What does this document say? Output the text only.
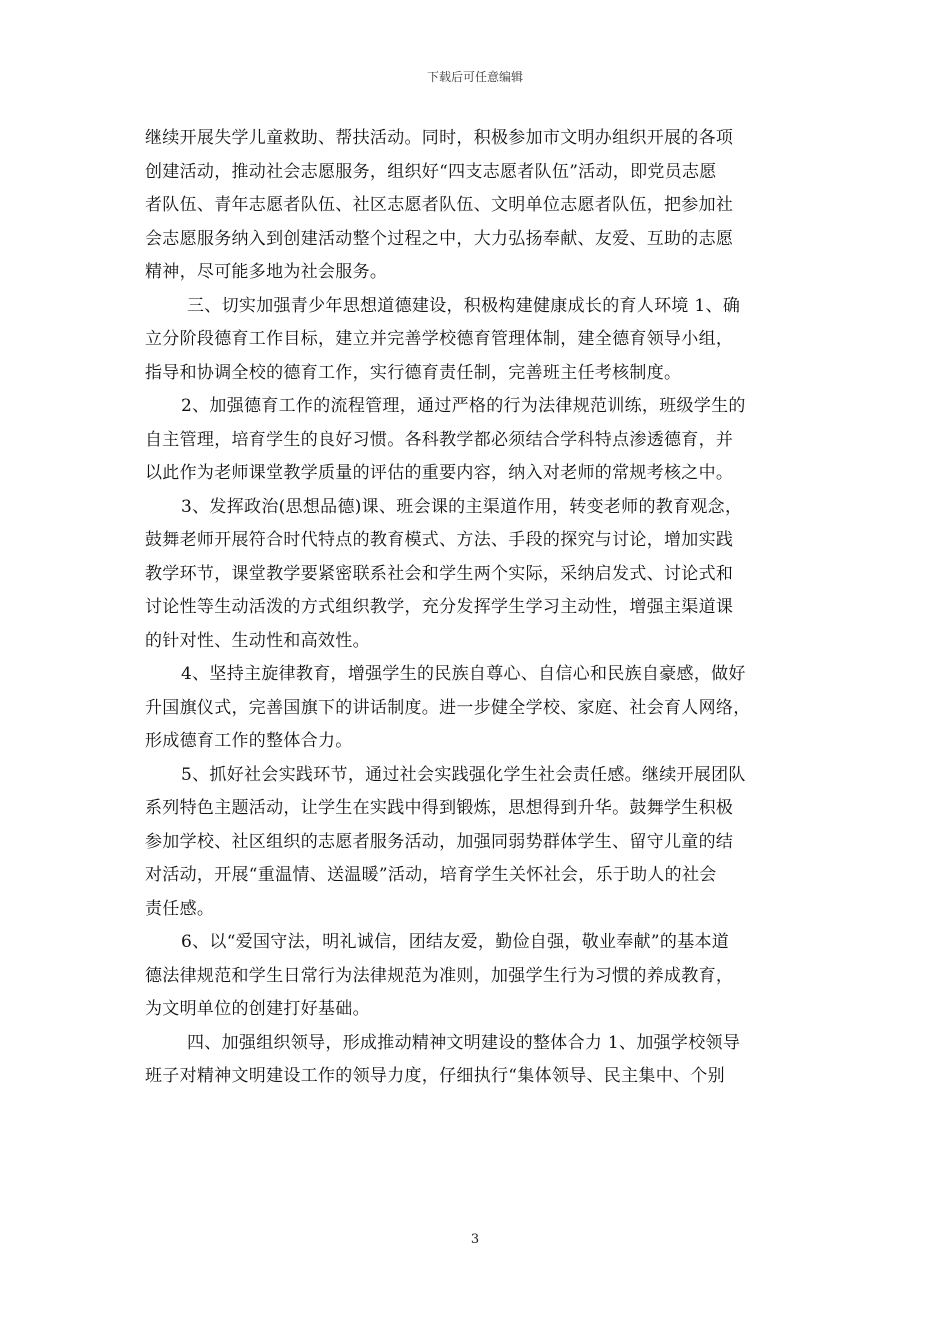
下载后可任意编辑

继续开展失学儿童救助、帮扶活动。同时，积极参加市文明办组织开展的各项
创建活动，推动社会志愿服务，组织好“四支志愿者队伍”活动，即党员志愿
者队伍、青年志愿者队伍、社区志愿者队伍、文明单位志愿者队伍，把参加社
会志愿服务纳入到创建活动整个过程之中，大力弘扬奉献、友爱、互助的志愿
精神，尽可能多地为社会服务。

三、切实加强青少年思想道德建设，积极构建健康成长的育人环境 1、确
立分阶段德育工作目标，建立并完善学校德育管理体制，建全德育领导小组，
指导和协调全校的德育工作，实行德育责任制，完善班主任考核制度。

2、加强德育工作的流程管理，通过严格的行为法律规范训练，班级学生的
自主管理，培育学生的良好习惯。各科教学都必须结合学科特点渗透德育，并
以此作为老师课堂教学质量的评估的重要内容，纳入对老师的常规考核之中。

3、发挥政治(思想品德)课、班会课的主渠道作用，转变老师的教育观念，
鼓舞老师开展符合时代特点的教育模式、方法、手段的探究与讨论，增加实践
教学环节，课堂教学要紧密联系社会和学生两个实际，采纳启发式、讨论式和
讨论性等生动活泼的方式组织教学，充分发挥学生学习主动性，增强主渠道课
的针对性、生动性和高效性。

4、坚持主旋律教育，增强学生的民族自尊心、自信心和民族自豪感，做好
升国旗仪式，完善国旗下的讲话制度。进一步健全学校、家庭、社会育人网络，
形成德育工作的整体合力。

5、抓好社会实践环节，通过社会实践强化学生社会责任感。继续开展团队
系列特色主题活动，让学生在实践中得到锻炼，思想得到升华。鼓舞学生积极
参加学校、社区组织的志愿者服务活动，加强同弱势群体学生、留守儿童的结
对活动，开展“重温情、送温暖”活动，培育学生关怀社会，乐于助人的社会
责任感。

6、以“爱国守法，明礼诚信，团结友爱，勤俭自强，敬业奉献”的基本道
德法律规范和学生日常行为法律规范为准则，加强学生行为习惯的养成教育，
为文明单位的创建打好基础。

四、加强组织领导，形成推动精神文明建设的整体合力 1、加强学校领导
班子对精神文明建设工作的领导力度，仔细执行“集体领导、民主集中、个别

3
